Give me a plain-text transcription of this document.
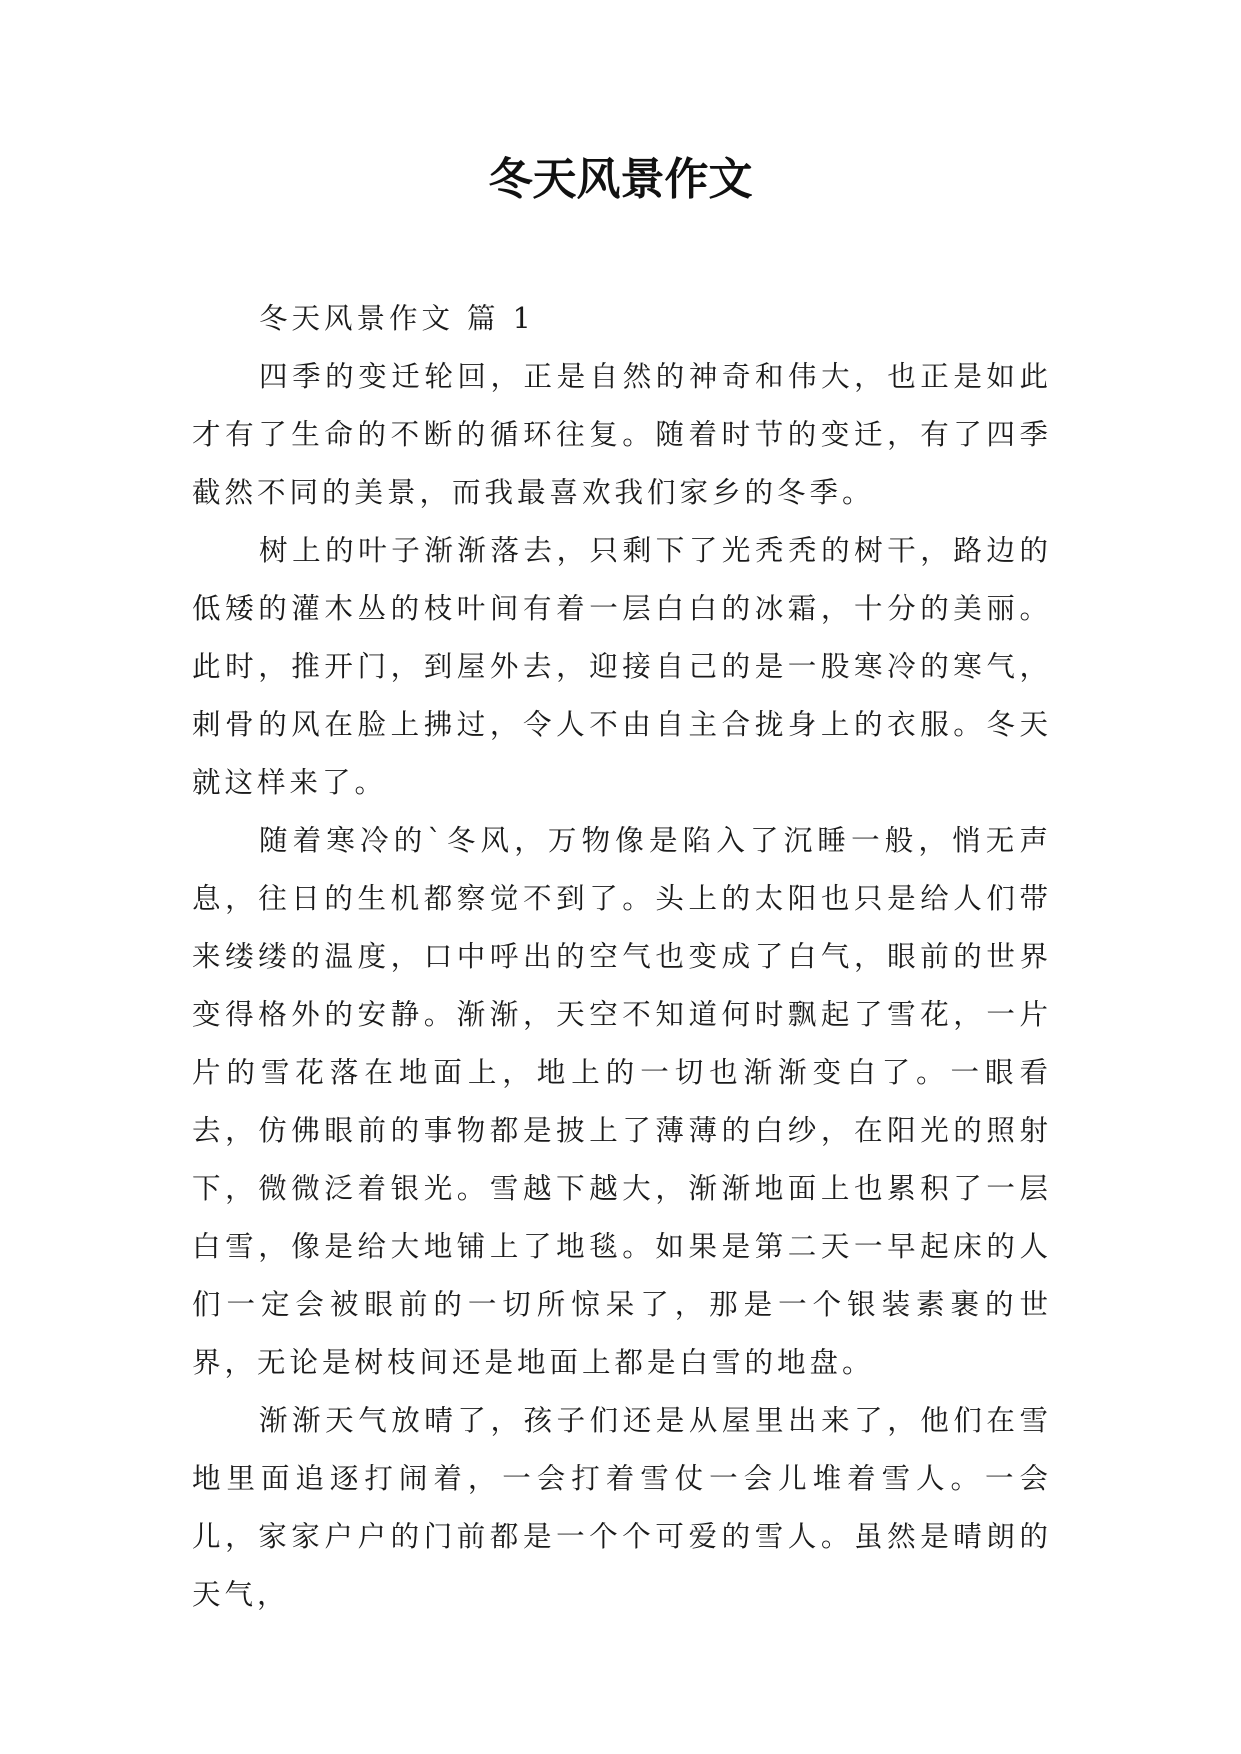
冬天风景作文
冬天风景作文 篇 1

四季的变迁轮回，正是自然的神奇和伟大，也正是如此才有了生命的不断的循环往复。随着时节的变迁，有了四季截然不同的美景，而我最喜欢我们家乡的冬季。

树上的叶子渐渐落去，只剩下了光秃秃的树干，路边的低矮的灌木丛的枝叶间有着一层白白的冰霜，十分的美丽。此时，推开门，到屋外去，迎接自己的是一股寒冷的寒气，刺骨的风在脸上拂过，令人不由自主合拢身上的衣服。冬天就这样来了。

随着寒冷的`冬风，万物像是陷入了沉睡一般，悄无声息，往日的生机都察觉不到了。头上的太阳也只是给人们带来缕缕的温度，口中呼出的空气也变成了白气，眼前的世界变得格外的安静。渐渐，天空不知道何时飘起了雪花，一片片的雪花落在地面上，地上的一切也渐渐变白了。一眼看去，仿佛眼前的事物都是披上了薄薄的白纱，在阳光的照射下，微微泛着银光。雪越下越大，渐渐地面上也累积了一层白雪，像是给大地铺上了地毯。如果是第二天一早起床的人们一定会被眼前的一切所惊呆了，那是一个银装素裹的世界，无论是树枝间还是地面上都是白雪的地盘。

渐渐天气放晴了，孩子们还是从屋里出来了，他们在雪地里面追逐打闹着，一会打着雪仗一会儿堆着雪人。一会儿，家家户户的门前都是一个个可爱的雪人。虽然是晴朗的天气，
